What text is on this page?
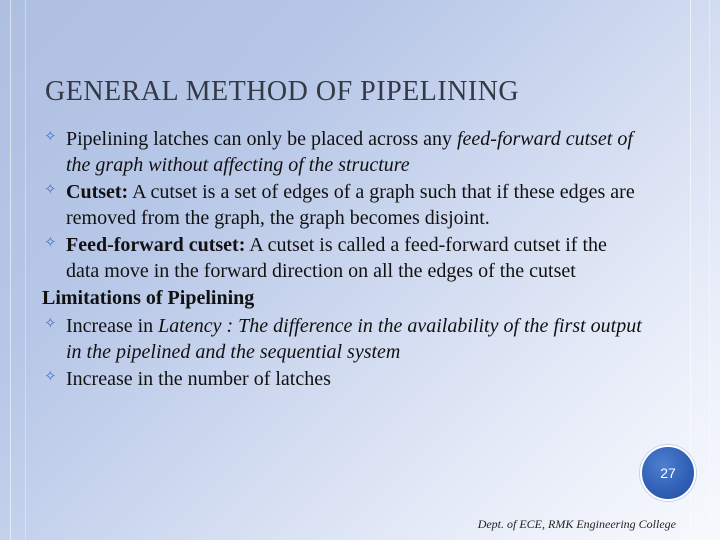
GENERAL METHOD OF PIPELINING
✧ Pipelining latches can only be placed across any feed-forward cutset of the graph without affecting of the structure
✧ Cutset: A cutset is a set of edges of a graph such that if these edges are removed from the graph, the graph becomes disjoint.
✧ Feed-forward cutset: A cutset is called a feed-forward cutset if the data move in the forward direction on all the edges of the cutset
Limitations of Pipelining
✧ Increase in Latency : The difference in the availability of the first output in the pipelined and the sequential system
✧ Increase in the number of latches
27
Dept. of ECE, RMK Engineering College
